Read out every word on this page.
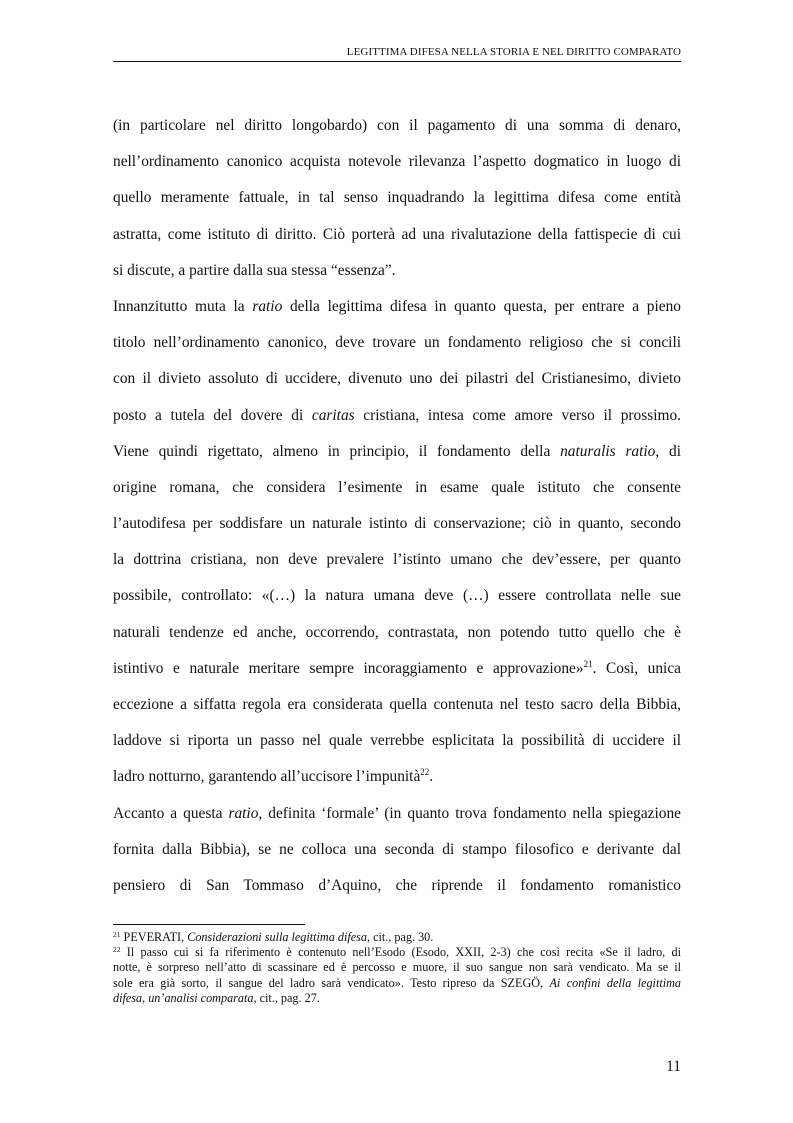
LEGITTIMA DIFESA NELLA STORIA E NEL DIRITTO COMPARATO
(in particolare nel diritto longobardo) con il pagamento di una somma di denaro,
nell’ordinamento canonico acquista notevole rilevanza l’aspetto dogmatico in luogo di
quello meramente fattuale, in tal senso inquadrando la legittima difesa come entità
astratta, come istituto di diritto. Ciò porterà ad una rivalutazione della fattispecie di cui
si discute, a partire dalla sua stessa “essenza”.
Innanzitutto muta la ratio della legittima difesa in quanto questa, per entrare a pieno
titolo nell’ordinamento canonico, deve trovare un fondamento religioso che si concili
con il divieto assoluto di uccidere, divenuto uno dei pilastri del Cristianesimo, divieto
posto a tutela del dovere di caritas cristiana, intesa come amore verso il prossimo.
Viene quindi rigettato, almeno in principio, il fondamento della naturalis ratio, di
origine romana, che considera l’esimente in esame quale istituto che consente
l’autodifesa per soddisfare un naturale istinto di conservazione; ciò in quanto, secondo
la dottrina cristiana, non deve prevalere l’istinto umano che dev’essere, per quanto
possibile, controllato: «(…) la natura umana deve (…) essere controllata nelle sue
naturali tendenze ed anche, occorrendo, contrastata, non potendo tutto quello che è
istintivo e naturale meritare sempre incoraggiamento e approvazione»$^{21}$. Così, unica
eccezione a siffatta regola era considerata quella contenuta nel testo sacro della Bibbia,
laddove si riporta un passo nel quale verrebbe esplicitata la possibilità di uccidere il
ladro notturno, garantendo all’uccisore l’impunità$^{22}$.
Accanto a questa ratio, definita ‘formale’ (in quanto trova fondamento nella spiegazione
fornita dalla Bibbia), se ne colloca una seconda di stampo filosofico e derivante dal
pensiero di San Tommaso d’Aquino, che riprende il fondamento romanistico
$^{21}$ PEVERATI, Considerazioni sulla legittima difesa, cit., pag. 30.
$^{22}$ Il passo cui si fa riferimento è contenuto nell’Esodo (Esodo, XXII, 2-3) che così recita «Se il ladro, di
notte, è sorpreso nell’atto di scassinare ed è percosso e muore, il suo sangue non sarà vendicato. Ma se il
sole era già sorto, il sangue del ladro sarà vendicato». Testo ripreso da SZEGÖ, Ai confini della legittima
difesa, un’analisi comparata, cit., pag. 27.
11
